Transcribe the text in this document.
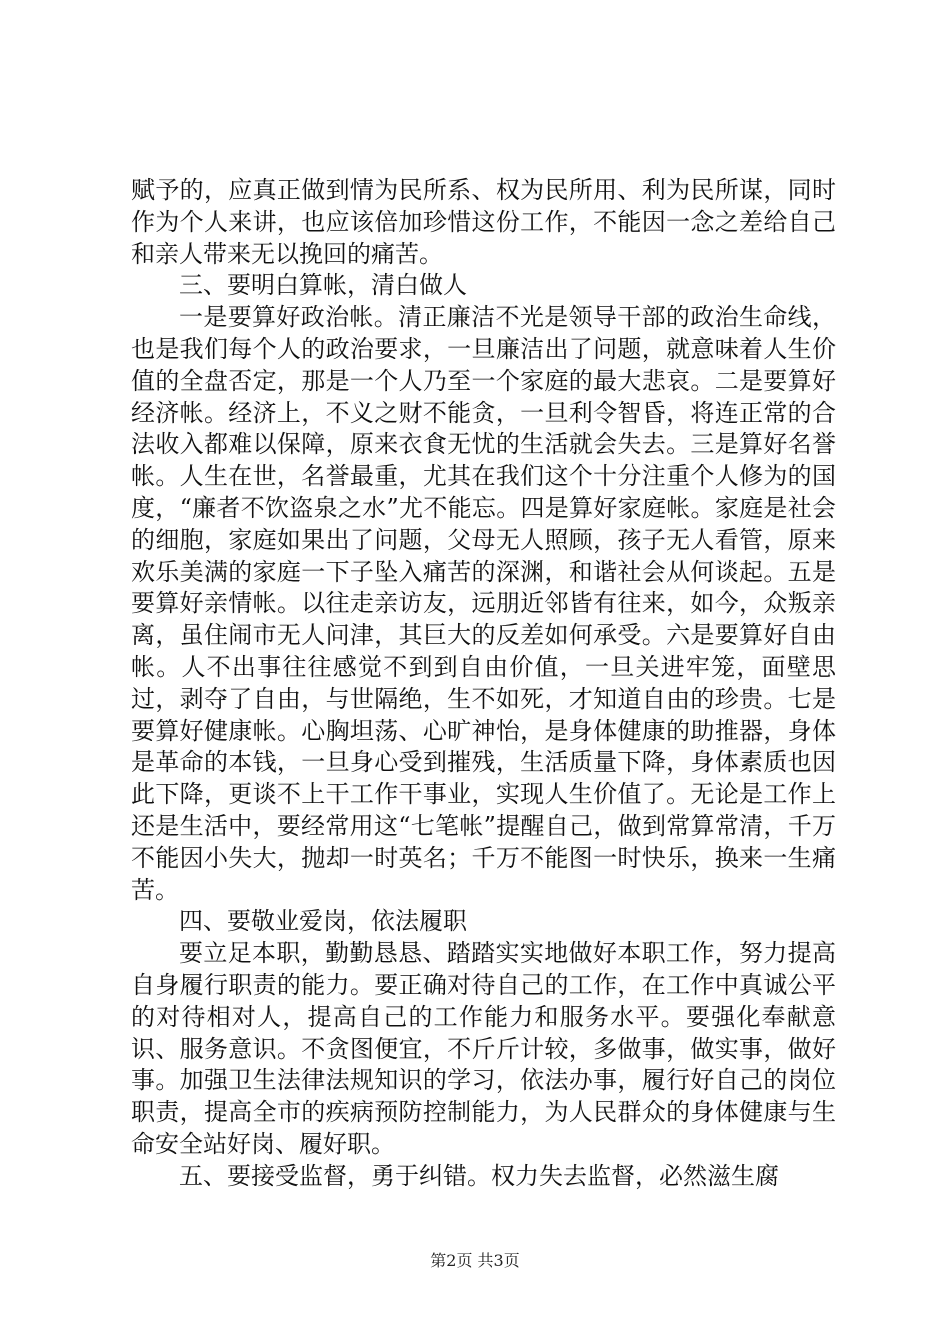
赋予的，应真正做到情为民所系、权为民所用、利为民所谋，同时作为个人来讲，也应该倍加珍惜这份工作，不能因一念之差给自己和亲人带来无以挽回的痛苦。

三、要明白算帐，清白做人

一是要算好政治帐。清正廉洁不光是领导干部的政治生命线，也是我们每个人的政治要求，一旦廉洁出了问题，就意味着人生价值的全盘否定，那是一个人乃至一个家庭的最大悲哀。二是要算好经济帐。经济上，不义之财不能贪，一旦利令智昏，将连正常的合法收入都难以保障，原来衣食无忧的生活就会失去。三是算好名誉帐。人生在世，名誉最重，尤其在我们这个十分注重个人修为的国度，“廉者不饮盗泉之水”尤不能忘。四是算好家庭帐。家庭是社会的细胞，家庭如果出了问题，父母无人照顾，孩子无人看管，原来欢乐美满的家庭一下子坠入痛苦的深渊，和谐社会从何谈起。五是要算好亲情帐。以往走亲访友，远朋近邻皆有往来，如今，众叛亲离，虽住闹市无人问津，其巨大的反差如何承受。六是要算好自由帐。人不出事往往感觉不到到自由价值，一旦关进牢笼，面壁思过，剥夺了自由，与世隔绝，生不如死，才知道自由的珍贵。七是要算好健康帐。心胸坦荡、心旷神怡，是身体健康的助推器，身体是革命的本钱，一旦身心受到摧残，生活质量下降，身体素质也因此下降，更谈不上干工作干事业，实现人生价值了。无论是工作上还是生活中，要经常用这“七笔帐”提醒自己，做到常算常清，千万不能因小失大，抛却一时英名；千万不能图一时快乐，换来一生痛苦。

四、要敬业爱岗，依法履职

要立足本职，勤勤恳恳、踏踏实实地做好本职工作，努力提高自身履行职责的能力。要正确对待自己的工作，在工作中真诚公平的对待相对人，提高自己的工作能力和服务水平。要强化奉献意识、服务意识。不贪图便宜，不斤斤计较，多做事，做实事，做好事。加强卫生法律法规知识的学习，依法办事，履行好自己的岗位职责，提高全市的疾病预防控制能力，为人民群众的身体健康与生命安全站好岗、履好职。

五、要接受监督，勇于纠错。权力失去监督，必然滋生腐

第2页 共3页
